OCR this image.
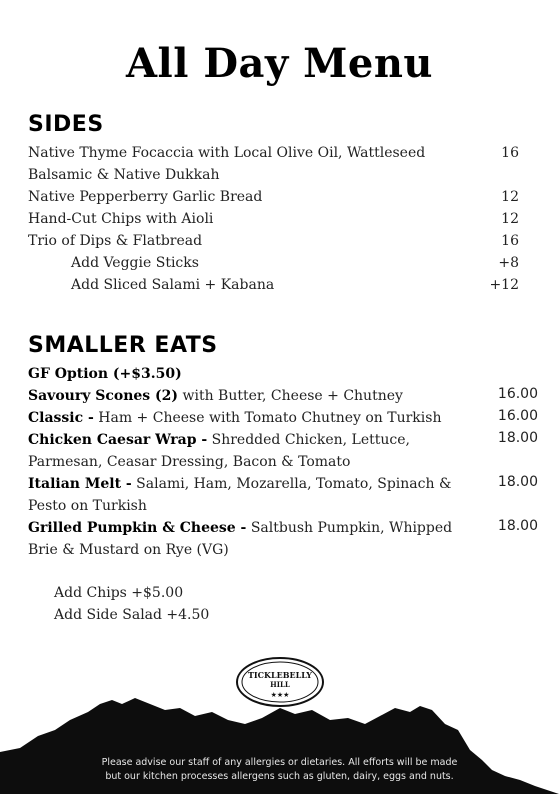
All Day Menu
SIDES
Native Thyme Focaccia with Local Olive Oil, Wattleseed	16
Balsamic & Native Dukkah
Native Pepperberry Garlic Bread	12
Hand-Cut Chips with Aioli	12
Trio of Dips & Flatbread	16
Add Veggie Sticks	+8
Add Sliced Salami + Kabana	+12
SMALLER EATS
GF Option (+$3.50)
Savoury Scones (2) with Butter, Cheese + Chutney	16.00
Classic - Ham + Cheese with Tomato Chutney on Turkish	16.00
Chicken Caesar Wrap - Shredded Chicken, Lettuce,	18.00
Parmesan, Ceasar Dressing, Bacon & Tomato
Italian Melt - Salami, Ham, Mozarella, Tomato, Spinach &	18.00
Pesto on Turkish
Grilled Pumpkin & Cheese - Saltbush Pumpkin, Whipped	18.00
Brie & Mustard on Rye (VG)
Add Chips +$5.00
Add Side Salad +4.50
TICKLEBELLY
HILL
★★★
Please advise our staff of any allergies or dietaries. All efforts will be made
but our kitchen processes allergens such as gluten, dairy, eggs and nuts.
